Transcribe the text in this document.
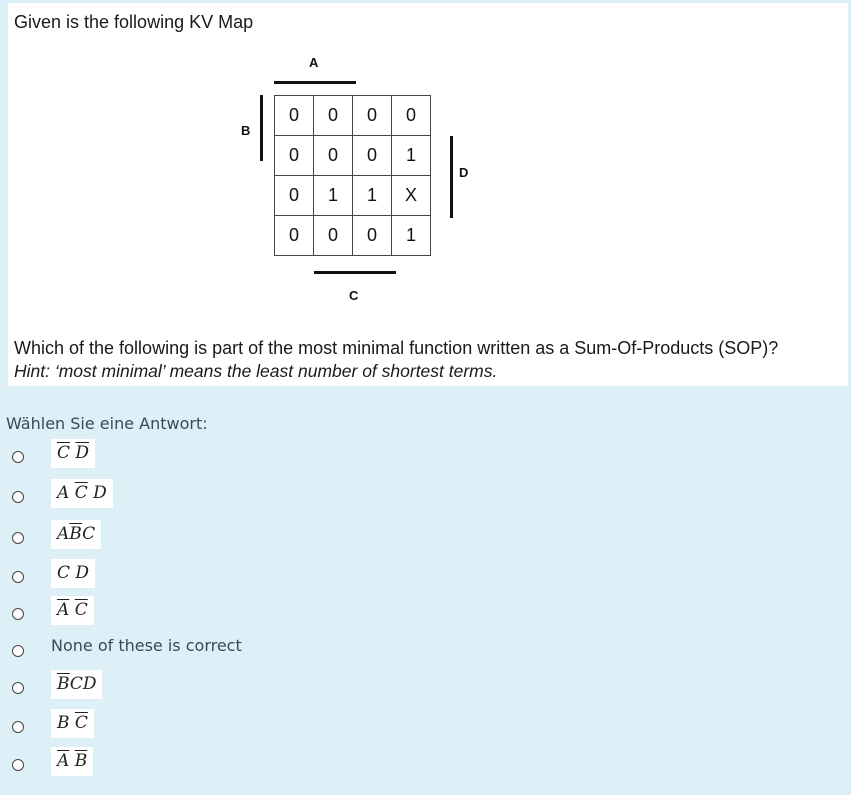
Given is the following KV Map
A
B
0	0	0	0
0	0	0	1
0	1	1	X
0	0	0	1
D
C
Which of the following is part of the most minimal function written as a Sum-Of-Products (SOP)?
Hint: ‘most minimal’ means the least number of shortest terms.
Wählen Sie eine Antwort:
$\overline{C}$ $\overline{D}$
A $\overline{C}$ D
$A\overline{B}C$
C D
$\overline{A}$ $\overline{C}$
None of these is correct
$\overline{B}CD$
B $\overline{C}$
$\overline{A}$ $\overline{B}$
